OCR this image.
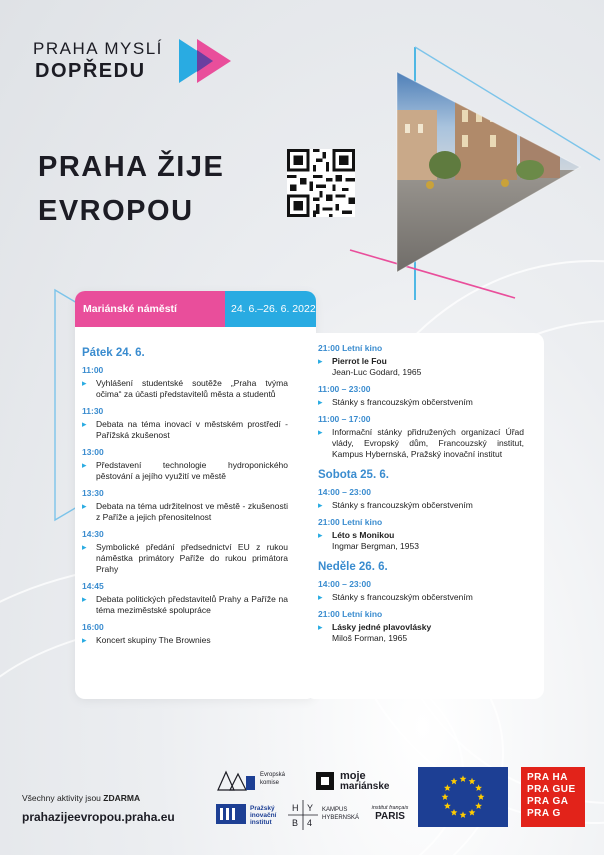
PRAHA MYSLÍ
DOPŘEDU
PRAHA ŽIJE
EVROPOU
Mariánské náměstí	24. 6.–26. 6. 2022

Pátek 24. 6.

11:00

▸ Vyhlášení studentské soutěže „Praha tvýma očima“ za účasti představitelů města a studentů

11:30

▸ Debata na téma inovací v městském prostředí - Pařížská zkušenost

13:00

▸ Představení technologie hydroponického pěstování a jejího využití ve městě

13:30

▸ Debata na téma udržitelnost ve městě - zkušenosti z Paříže a jejich přenositelnost

14:30

▸ Symbolické předání předsednictví EU z rukou náměstka primátory Paříže do rukou primátora Prahy

14:45

▸ Debata politických představitelů Prahy a Paříže na téma meziměstské spolupráce

16:00

▸ Koncert skupiny The Brownies

21:00 Letní kino

▸ Pierrot le Fou
Jean-Luc Godard, 1965

11:00 – 23:00

▸ Stánky s francouzským občerstvením

11:00 – 17:00

▸ Informační stánky přidružených organizací Úřad vlády, Evropský dům, Francouzský institut, Kampus Hybernská, Pražský inovační institut

Sobota 25. 6.

14:00 – 23:00

▸ Stánky s francouzským občerstvením

21:00 Letní kino

▸ Léto s Monikou
Ingmar Bergman, 1953

Neděle 26. 6.

14:00 – 23:00

▸ Stánky s francouzským občerstvením

21:00 Letní kino

▸ Lásky jedné plavovlásky
Miloš Forman, 1965

Všechny aktivity jsou ZDARMA
prahazijeevropou.praha.eu
Evropská komise
moje
mariánske
Pražský inovační institut
H Y
B 4
KAMPUS HYBERNSKÁ
institut français
PARIS
PRA HA
PRA GUE
PRA GA
PRA G
